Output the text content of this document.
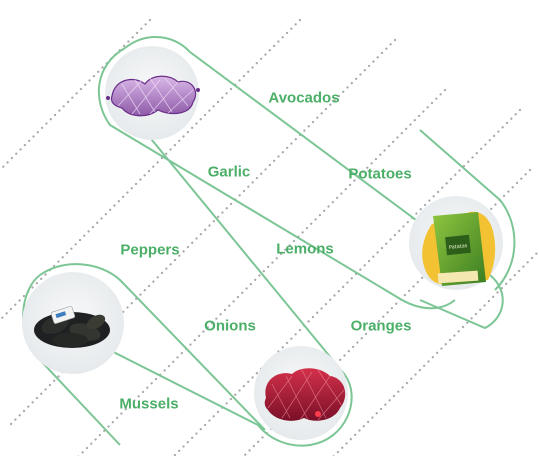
Patatas
Avocados
Garlic	Potatoes
Peppers	Lemons
Onions	Oranges
Mussels
